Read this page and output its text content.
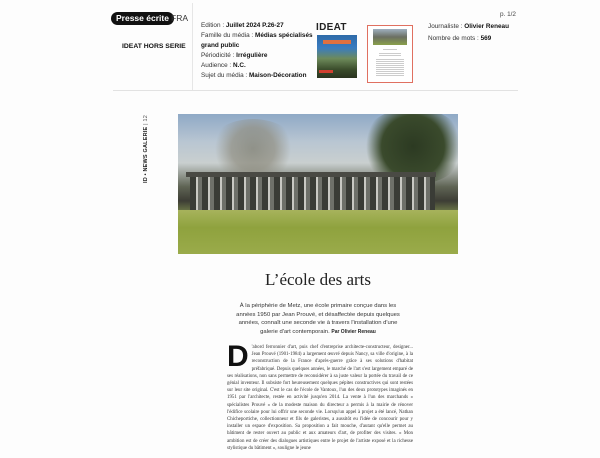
Presse écrite FRA
IDEAT HORS SERIE
Edition : Juillet 2024 P.26-27
Famille du média : Médias spécialisés
grand public
Périodicité : Irrégulière
Audience : N.C.
Sujet du média : Maison-Décoration
IDEAT	Journaliste : Olivier Reneau
Nombre de mots : 569
p. 1/2
ID • NEWS GALERIE | 12
L’école des arts
À la périphérie de Metz, une école primaire conçue dans les années 1950 par Jean Prouvé, et désaffectée depuis quelques années, connaît une seconde vie à travers l'installation d'une galerie d'art contemporain. Par Olivier Reneau
D 'abord ferronnier d'art, puis chef d'entreprise architecte-constructeur, designer... Jean Prouvé (1901-1984) a largement œuvré depuis Nancy, sa ville d'origine, à la reconstruction de la France d'après-guerre grâce à ses solutions d'habitat préfabriqué. Depuis quelques années, le marché de l'art s'est largement emparé de ses réalisations, non sans permettre de reconsidérer à sa juste valeur la portée du travail de ce génial inventeur. Il subsiste fort heureusement quelques pépites constructives qui sont restées sur leur site original. C'est le cas de l'école de Vantoux, l'un des deux prototypes imaginés en 1951 par l'architecte, restée en activité jusqu'en 2014. La vente à l'un des marchands « spécialistes Prouvé » de la modeste maison du directeur a permis à la mairie de rénover l'édifice scolaire pour lui offrir une seconde vie. Lorsqu'un appel à projet a été lancé, Nathan Chicheportiche, collectionneur et fils de galeristes, a aussitôt eu l'idée de concourir pour y installer un espace d'exposition. Sa proposition a fait mouche, d'autant qu'elle permet au bâtiment de rester ouvert au public et aux amateurs d'art, de profiter des visites. « Mon ambition est de créer des dialogues artistiques entre le projet de l'artiste exposé et la richesse stylistique du bâtiment », souligne le jeune
